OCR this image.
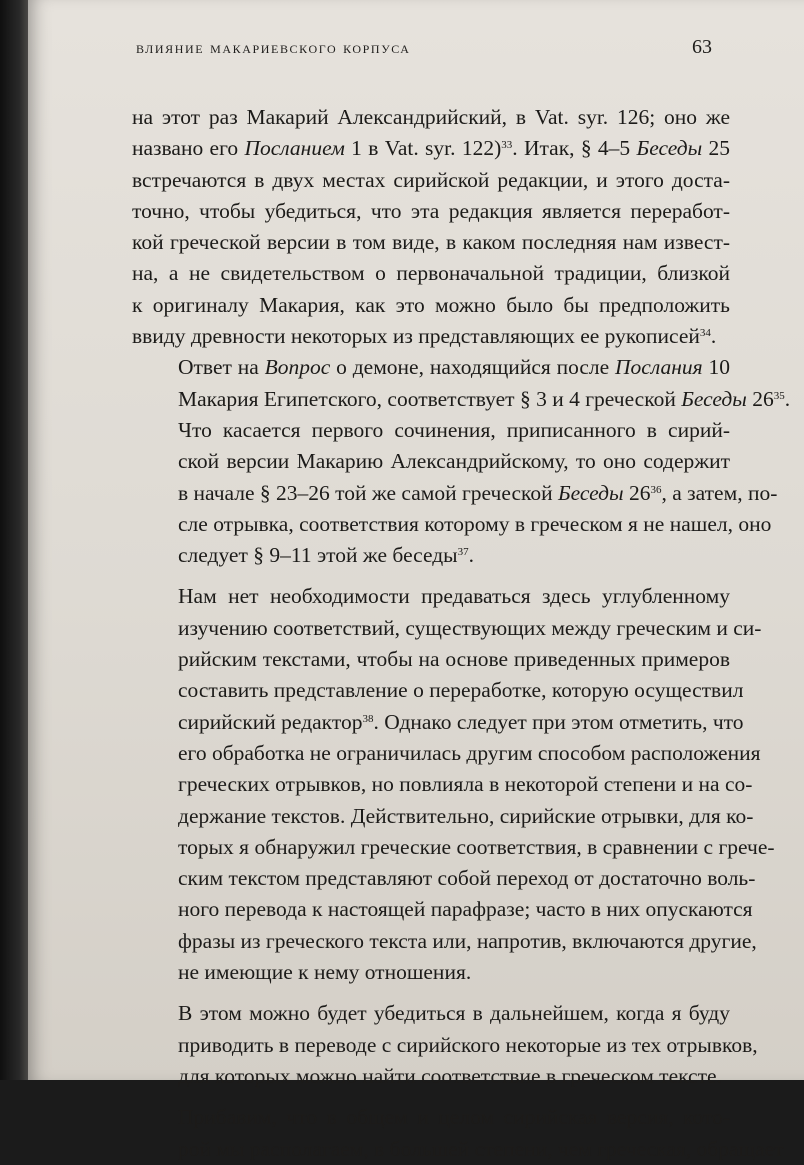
влияние макариевского корпуса	63

на этот раз Макарий Александрийский, в Vat. syr. 126; оно же
названо его Посланием 1 в Vat. syr. 122)$^{33}$. Итак, § 4–5 Беседы 25
встречаются в двух местах сирийской редакции, и этого доста-
точно, чтобы убедиться, что эта редакция является переработ-
кой греческой версии в том виде, в каком последняя нам извест-
на, а не свидетельством о первоначальной традиции, близкой
к оригиналу Макария, как это можно было бы предположить
ввиду древности некоторых из представляющих ее рукописей$^{34}$.

Ответ на Вопрос о демоне, находящийся после Послания 10
Макария Египетского, соответствует § 3 и 4 греческой Беседы $26^{35}$.

Что касается первого сочинения, приписанного в сирий-
ской версии Макарию Александрийскому, то оно содержит
в начале § 23–26 той же самой греческой Беседы $26^{36}$, а затем, по-
сле отрывка, соответствия которому в греческом я не нашел, оно
следует § 9–11 этой же беседы$^{37}$.

Нам нет необходимости предаваться здесь углубленному
изучению соответствий, существующих между греческим и си-
рийским текстами, чтобы на основе приведенных примеров
составить представление о переработке, которую осуществил
сирийский редактор$^{38}$. Однако следует при этом отметить, что
его обработка не ограничилась другим способом расположения
греческих отрывков, но повлияла в некоторой степени и на со-
держание текстов. Действительно, сирийские отрывки, для ко-
торых я обнаружил греческие соответствия, в сравнении с грече-
ским текстом представляют собой переход от достаточно воль-
ного перевода к настоящей парафразе; часто в них опускаются
фразы из греческого текста или, напротив, включаются другие,
не имеющие к нему отношения.

В этом можно будет убедиться в дальнейшем, когда я буду
приводить в переводе с сирийского некоторые из тех отрывков,
для которых можно найти соответствие в греческом тексте.

Прибавим, что в общем и целом сирийская версия, кото-
рой мы располагаем, в большей степени, чем греческая, обращает
